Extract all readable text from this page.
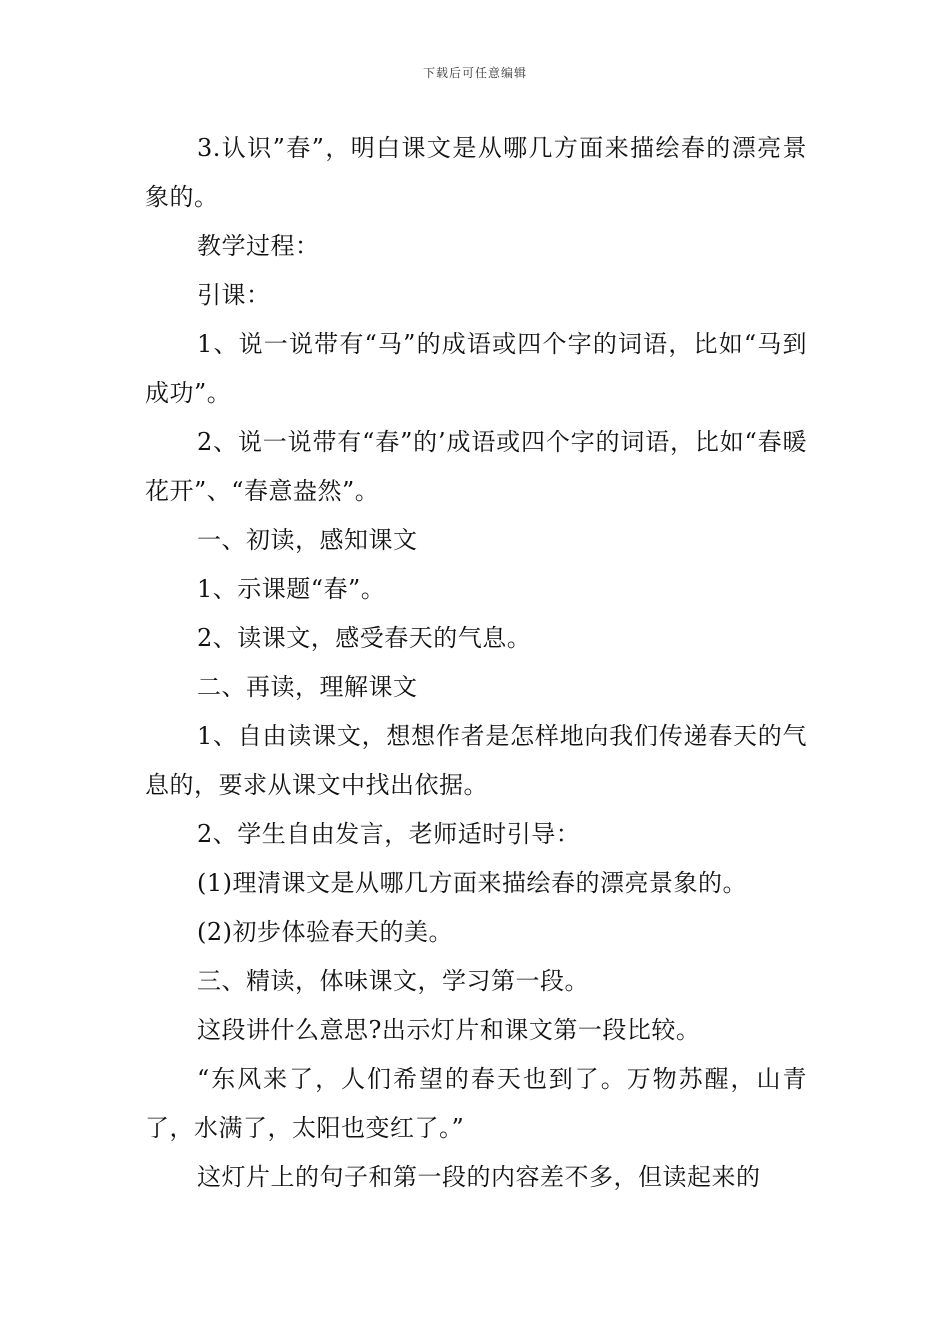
下载后可任意编辑

3.认识”春”，明白课文是从哪几方面来描绘春的漂亮景象的。

教学过程：

引课：

1、说一说带有“马”的成语或四个字的词语，比如“马到成功”。

2、说一说带有“春”的’成语或四个字的词语，比如“春暖花开”、“春意盎然”。

一、初读，感知课文

1、示课题“春”。

2、读课文，感受春天的气息。

二、再读，理解课文

1、自由读课文，想想作者是怎样地向我们传递春天的气息的，要求从课文中找出依据。

2、学生自由发言，老师适时引导：

(1)理清课文是从哪几方面来描绘春的漂亮景象的。

(2)初步体验春天的美。

三、精读，体味课文，学习第一段。

这段讲什么意思?出示灯片和课文第一段比较。

“东风来了，人们希望的春天也到了。万物苏醒，山青了，水满了，太阳也变红了。”

这灯片上的句子和第一段的内容差不多，但读起来的
